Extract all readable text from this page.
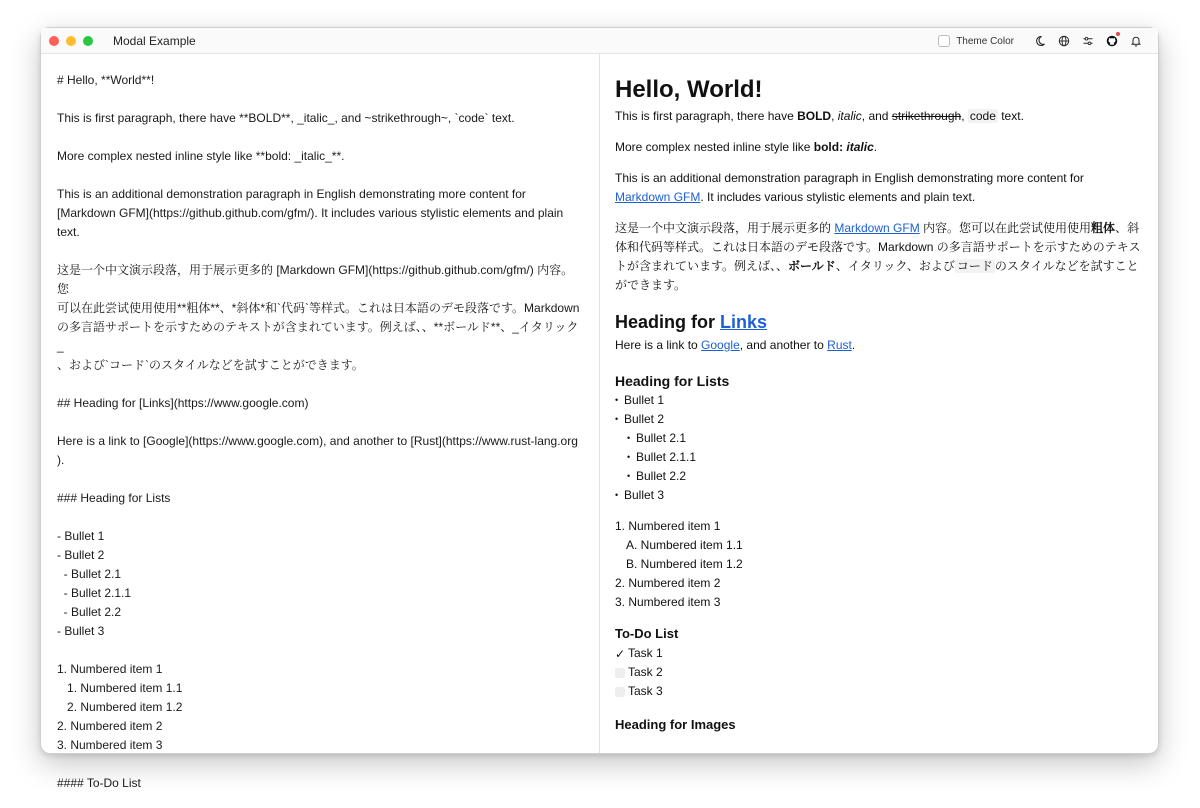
Modal Example	Theme Color
# Hello, **World**!
This is first paragraph, there have **BOLD**, _italic_, and ~strikethrough~, `code` text.
More complex nested inline style like **bold: _italic_**.
This is an additional demonstration paragraph in English demonstrating more content for
[Markdown GFM](https://github.github.com/gfm/). It includes various stylistic elements and plain
text.
这是一个中文演示段落，用于展示更多的 [Markdown GFM](https://github.github.com/gfm/) 内容。您
可以在此尝试使用使用**粗体**、*斜体*和`代码`等样式。これは日本語のデモ段落です。Markdown
の多言語サポートを示すためのテキストが含まれています。例えば、、**ボールド**、_イタリック_
、および`コード`のスタイルなどを試すことができます。
## Heading for [Links](https://www.google.com)
Here is a link to [Google](https://www.google.com), and another to [Rust](https://www.rust-lang.org
).
### Heading for Lists
- Bullet 1
- Bullet 2
- Bullet 2.1
- Bullet 2.1.1
- Bullet 2.2
- Bullet 3
1. Numbered item 1
1. Numbered item 1.1
2. Numbered item 1.2
2. Numbered item 2
3. Numbered item 3
#### To-Do List
Hello, World!

This is first paragraph, there have BOLD, italic, and strikethrough, code text.

More complex nested inline style like bold: italic.

This is an additional demonstration paragraph in English demonstrating more content for Markdown GFM. It includes various stylistic elements and plain text.

这是一个中文演示段落，用于展示更多的 Markdown GFM 内容。您可以在此尝试使用使用粗体、斜体和代码等样式。これは日本語のデモ段落です。Markdown の多言語サポートを示すためのテキストが含まれています。例えば、、ボールド、イタリック、および コード のスタイルなどを試すことができます。

Heading for Links

Here is a link to Google, and another to Rust.

Heading for Lists
• Bullet 1
• Bullet 2
• Bullet 2.1
• Bullet 2.1.1
• Bullet 2.2
• Bullet 3
1. Numbered item 1
A. Numbered item 1.1
B. Numbered item 1.2
2. Numbered item 2
3. Numbered item 3
To-Do List
✓ Task 1
Task 2
Task 3
Heading for Images
